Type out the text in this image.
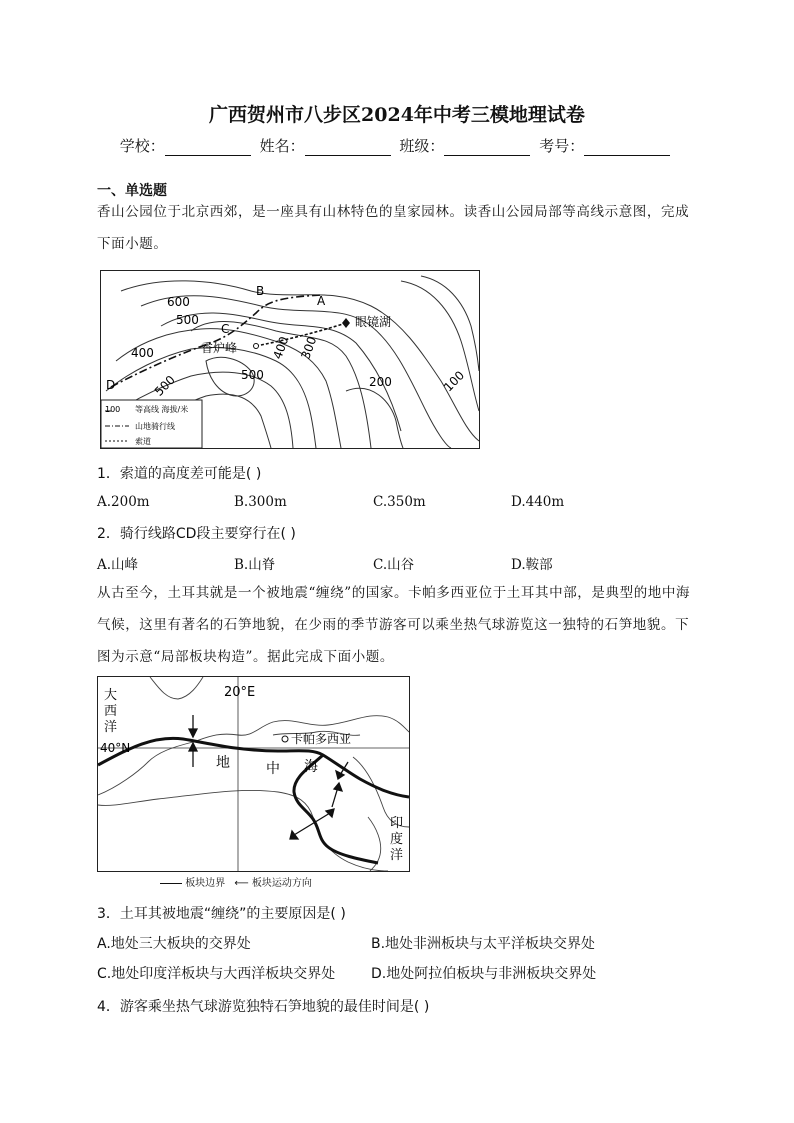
广西贺州市八步区2024年中考三模地理试卷
学校：	姓名：	班级：	考号：
一、单选题
香山公园位于北京西郊，是一座具有山林特色的皇家园林。读香山公园局部等高线示意图，完成下面小题。
600
500
400
500	500
400 300
200	100
B
A
C
D
香炉峰
眼镜湖
100 等高线 海拔/米
山地骑行线
索道
1．索道的高度差可能是( )
A.200m	B.300m	C.350m	D.440m
2．骑行线路CD段主要穿行在( )
A.山峰	B.山脊	C.山谷	D.鞍部
从古至今，土耳其就是一个被地震“缠绕”的国家。卡帕多西亚位于土耳其中部，是典型的地中海气候，这里有著名的石笋地貌，在少雨的季节游客可以乘坐热气球游览这一独特的石笋地貌。下图为示意“局部板块构造”。据此完成下面小题。
卡帕多西亚
大
西
洋
20°E
40°N
地	中 海
印
度
洋
板块边界 ⟵ 板块运动方向
3．土耳其被地震“缠绕”的主要原因是( )
A.地处三大板块的交界处	B.地处非洲板块与太平洋板块交界处
C.地处印度洋板块与大西洋板块交界处	D.地处阿拉伯板块与非洲板块交界处
4．游客乘坐热气球游览独特石笋地貌的最佳时间是( )
